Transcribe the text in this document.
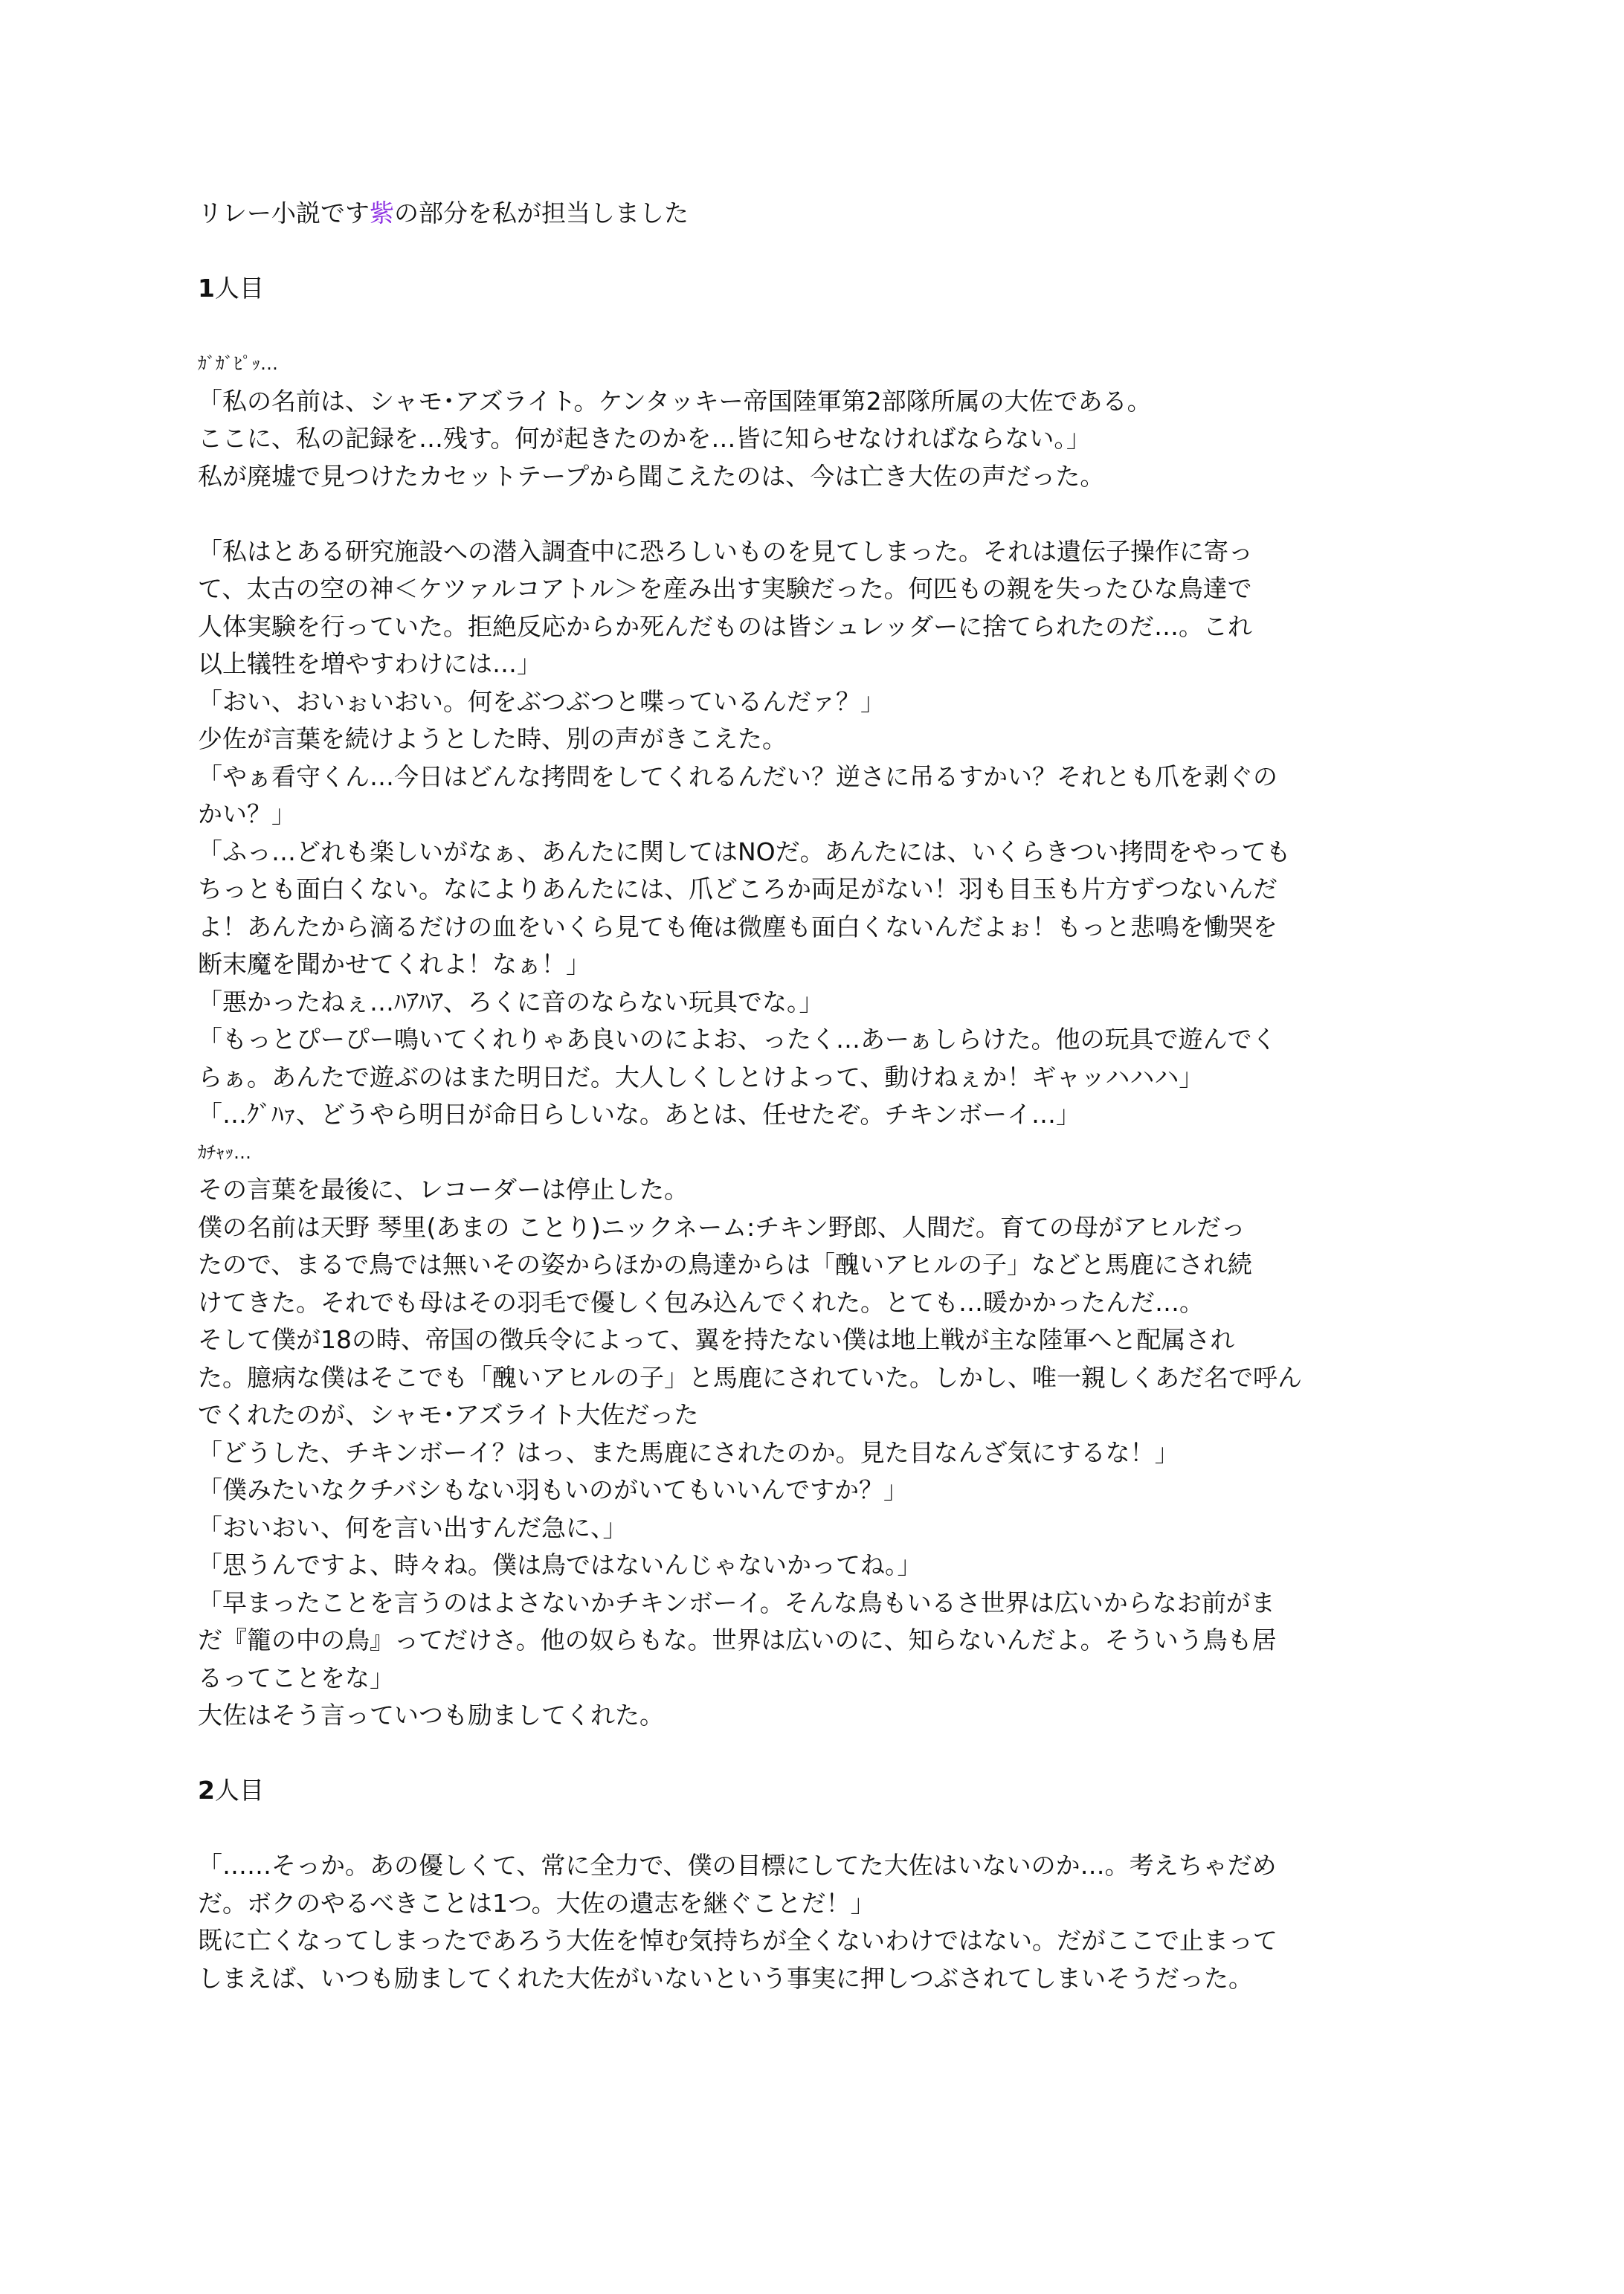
リレー小説です紫の部分を私が担当しました

1人目

ｶﾞｶﾞﾋﾟｯ…

「私の名前は、シャモ･アズライト。ケンタッキー帝国陸軍第2部隊所属の大佐である。

ここに、私の記録を…残す。何が起きたのかを…皆に知らせなければならない。」

私が廃墟で見つけたカセットテープから聞こえたのは、今は亡き大佐の声だった。

「私はとある研究施設への潜入調査中に恐ろしいものを見てしまった。それは遺伝子操作に寄っ

て、太古の空の神＜ケツァルコアトル＞を産み出す実験だった。何匹もの親を失ったひな鳥達で

人体実験を行っていた。拒絶反応からか死んだものは皆シュレッダーに捨てられたのだ…。これ

以上犠牲を増やすわけには…」

「おい、おいぉいおい。何をぶつぶつと喋っているんだァ？」

少佐が言葉を続けようとした時、別の声がきこえた。

「やぁ看守くん…今日はどんな拷問をしてくれるんだい？逆さに吊るすかい？それとも爪を剥ぐの

かい？」

「ふっ…どれも楽しいがなぁ、あんたに関してはNOだ。あんたには、いくらきつい拷問をやっても

ちっとも面白くない。なによりあんたには、爪どころか両足がない！羽も目玉も片方ずつないんだ

よ！あんたから滴るだけの血をいくら見ても俺は微塵も面白くないんだよぉ！もっと悲鳴を慟哭を

断末魔を聞かせてくれよ！なぁ！」

「悪かったねぇ…ﾊｱﾊｱ、ろくに音のならない玩具でな。」

「もっとぴーぴー鳴いてくれりゃあ良いのによお、ったく…あーぁしらけた。他の玩具で遊んでく

らぁ。あんたで遊ぶのはまた明日だ。大人しくしとけよって、動けねぇか！ギャッハハハ」

「…ｸﾞﾊｧ、どうやら明日が命日らしいな。あとは、任せたぞ。チキンボーイ…」

ｶﾁｬｯ…

その言葉を最後に、レコーダーは停止した。

僕の名前は天野 琴里(あまの ことり)ニックネーム:チキン野郎、人間だ。育ての母がアヒルだっ

たので、まるで鳥では無いその姿からほかの鳥達からは「醜いアヒルの子」などと馬鹿にされ続

けてきた。それでも母はその羽毛で優しく包み込んでくれた。とても…暖かかったんだ…。

そして僕が18の時、帝国の徴兵令によって、翼を持たない僕は地上戦が主な陸軍へと配属され

た。臆病な僕はそこでも「醜いアヒルの子」と馬鹿にされていた。しかし、唯一親しくあだ名で呼ん

でくれたのが、シャモ･アズライト大佐だった

「どうした、チキンボーイ？はっ、また馬鹿にされたのか。見た目なんざ気にするな！」

「僕みたいなクチバシもない羽もいのがいてもいいんですか？」

「おいおい、何を言い出すんだ急に、」

「思うんですよ、時々ね。僕は鳥ではないんじゃないかってね。」

「早まったことを言うのはよさないかチキンボーイ。そんな鳥もいるさ世界は広いからなお前がま

だ『籠の中の鳥』ってだけさ。他の奴らもな。世界は広いのに、知らないんだよ。そういう鳥も居

るってことをな」

大佐はそう言っていつも励ましてくれた。

2人目

「……そっか。あの優しくて、常に全力で、僕の目標にしてた大佐はいないのか…。考えちゃだめ

だ。ボクのやるべきことは1つ。大佐の遺志を継ぐことだ！」

既に亡くなってしまったであろう大佐を悼む気持ちが全くないわけではない。だがここで止まって

しまえば、いつも励ましてくれた大佐がいないという事実に押しつぶされてしまいそうだった。
